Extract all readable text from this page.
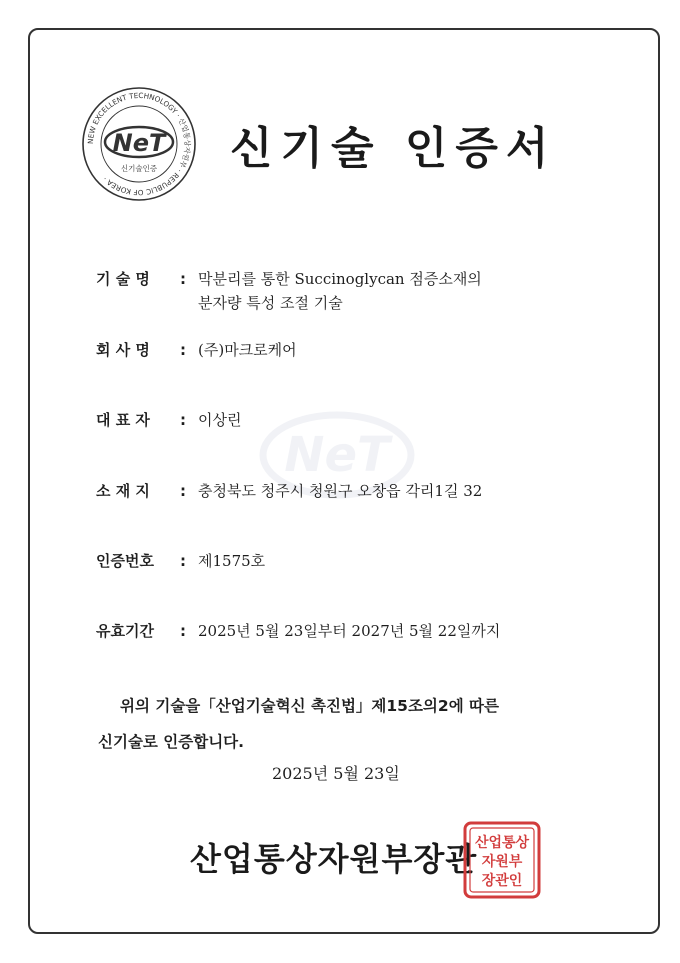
NeT
NEW EXCELLENT TECHNOLOGY · 산업통상자원부 · REPUBLIC OF KOREA ·
NeT
신기술인증 신기술 인증서
기 술 명	: 막분리를 통한 Succinoglycan 점증소재의
분자량 특성 조절 기술
회 사 명	: (주)마크로케어
대 표 자	: 이상린
소 재 지	: 충청북도 청주시 청원구 오창읍 각리1길 32
인증번호	: 제1575호
유효기간	: 2025년 5월 23일부터 2027년 5월 22일까지

위의 기술을「산업기술혁신 촉진법」제15조의2에 따른
신기술로 인증합니다.

2025년 5월 23일
산업통상자원부장관
산업통상
자원부
장관인
